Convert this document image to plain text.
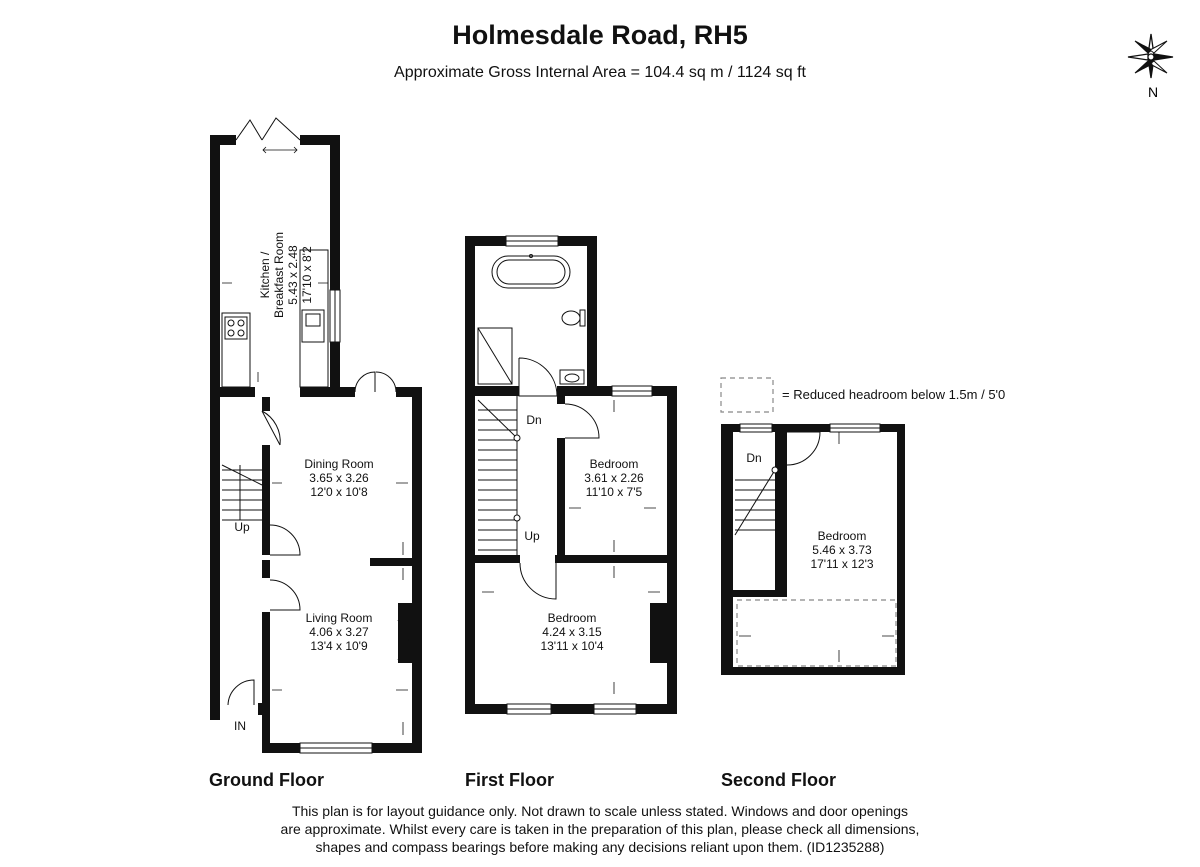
Holmesdale Road, RH5
Approximate Gross Internal Area = 104.4 sq m / 1124 sq ft
N
Kitchen / Breakfast Room 5.43 x 2.48 17'10 x 8'2
Dining Room
3.65 x 3.26
12'0 x 10'8
Living Room
4.06 x 3.27
13'4 x 10'9
Up
IN
Dn
Up
Bedroom
3.61 x 2.26
11'10 x 7'5
Bedroom
4.24 x 3.15
13'11 x 10'4
Dn
Bedroom
5.46 x 3.73
17'11 x 12'3
= Reduced headroom below 1.5m / 5'0
Ground Floor	First Floor	Second Floor
This plan is for layout guidance only. Not drawn to scale unless stated. Windows and door openings
are approximate. Whilst every care is taken in the preparation of this plan, please check all dimensions,
shapes and compass bearings before making any decisions reliant upon them. (ID1235288)
